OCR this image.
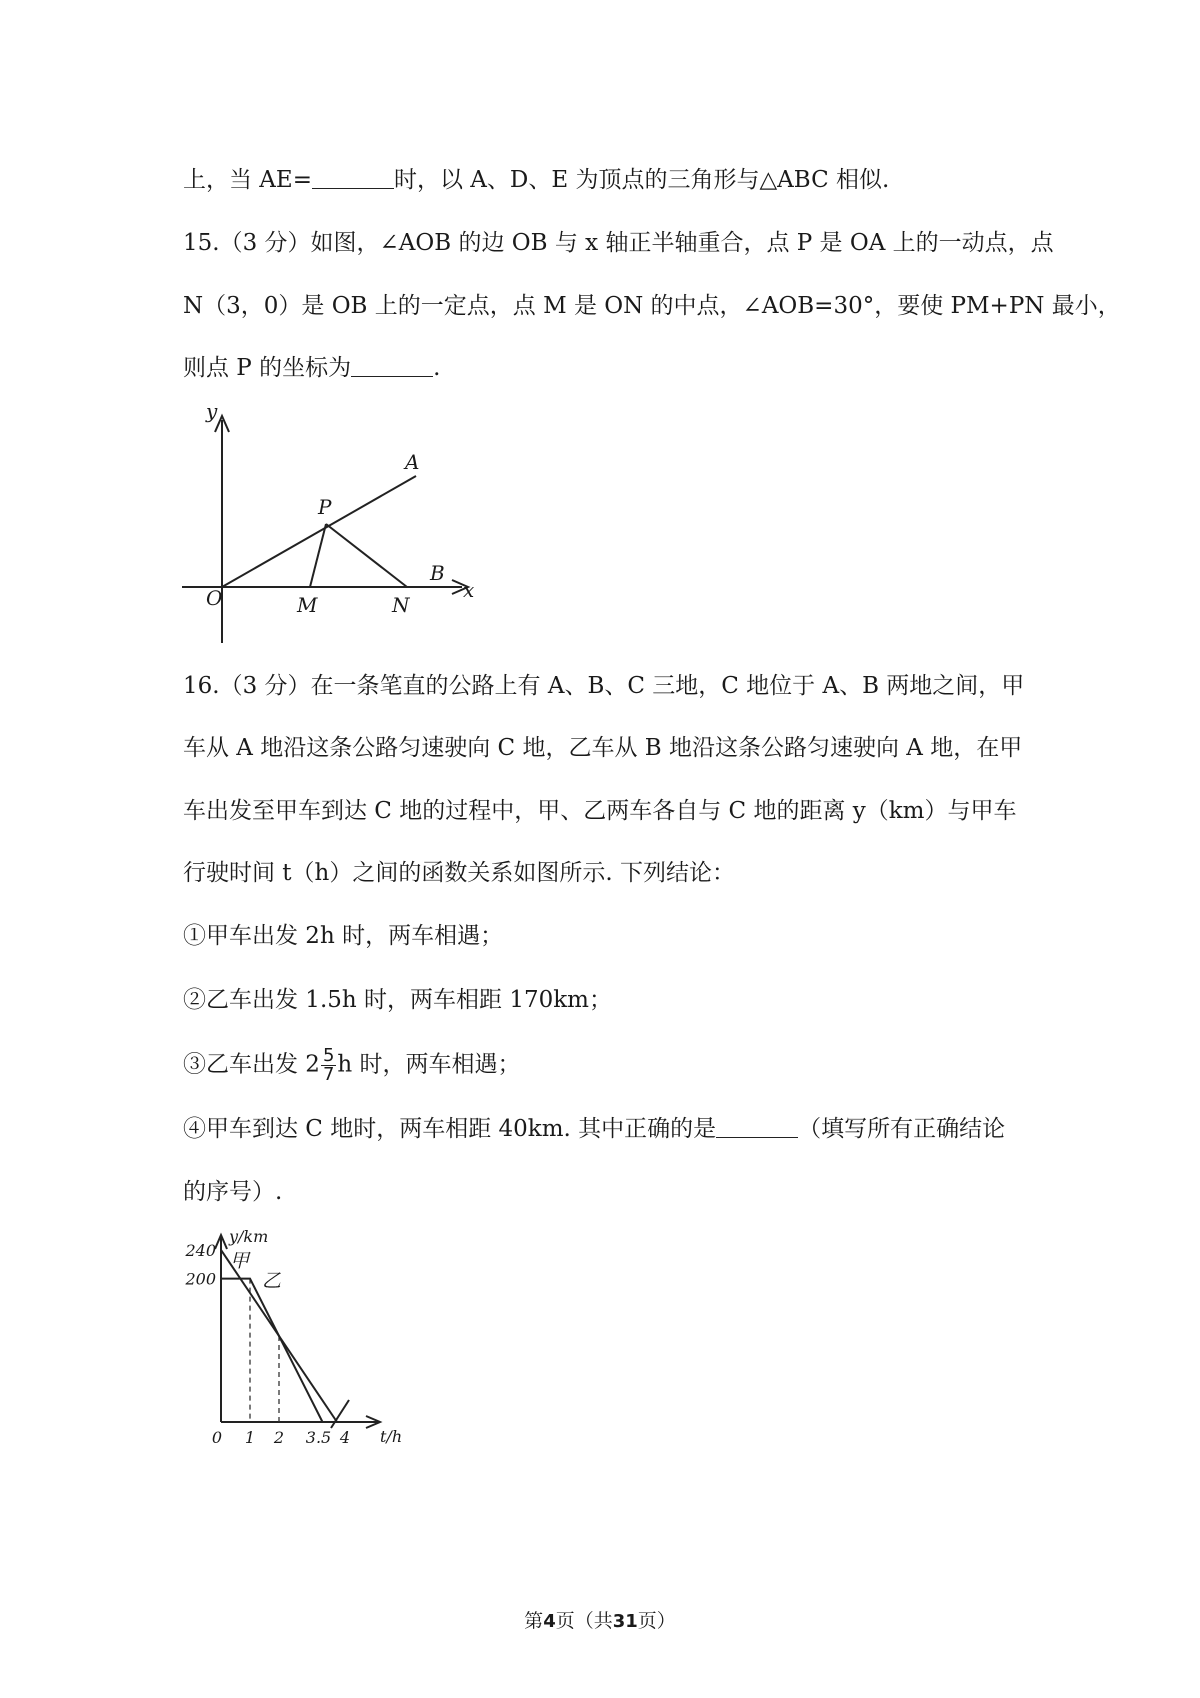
上，当 AE=	时，以 A、D、E 为顶点的三角形与△ABC 相似.
15.（3 分）如图，∠AOB 的边 OB 与 x 轴正半轴重合，点 P 是 OA 上的一动点，点
N（3，0）是 OB 上的一定点，点 M 是 ON 的中点，∠AOB=30°，要使 PM+PN 最小，
则点 P 的坐标为	.
y
x
A
B
P
O	M	N
16.（3 分）在一条笔直的公路上有 A、B、C 三地，C 地位于 A、B 两地之间，甲
车从 A 地沿这条公路匀速驶向 C 地，乙车从 B 地沿这条公路匀速驶向 A 地，在甲
车出发至甲车到达 C 地的过程中，甲、乙两车各自与 C 地的距离 y（km）与甲车
行驶时间 t（h）之间的函数关系如图所示. 下列结论：
①甲车出发 2h 时，两车相遇；
②乙车出发 1.5h 时，两车相距 170km；
③乙车出发 $2 \frac{5}{7}$ h 时，两车相遇；
④甲车到达 C 地时，两车相距 40km. 其中正确的是	（填写所有正确结论
的序号）.
甲
乙
240
200
0 1 2 3.5 4
y/km
t/h
第4页（共31页）
